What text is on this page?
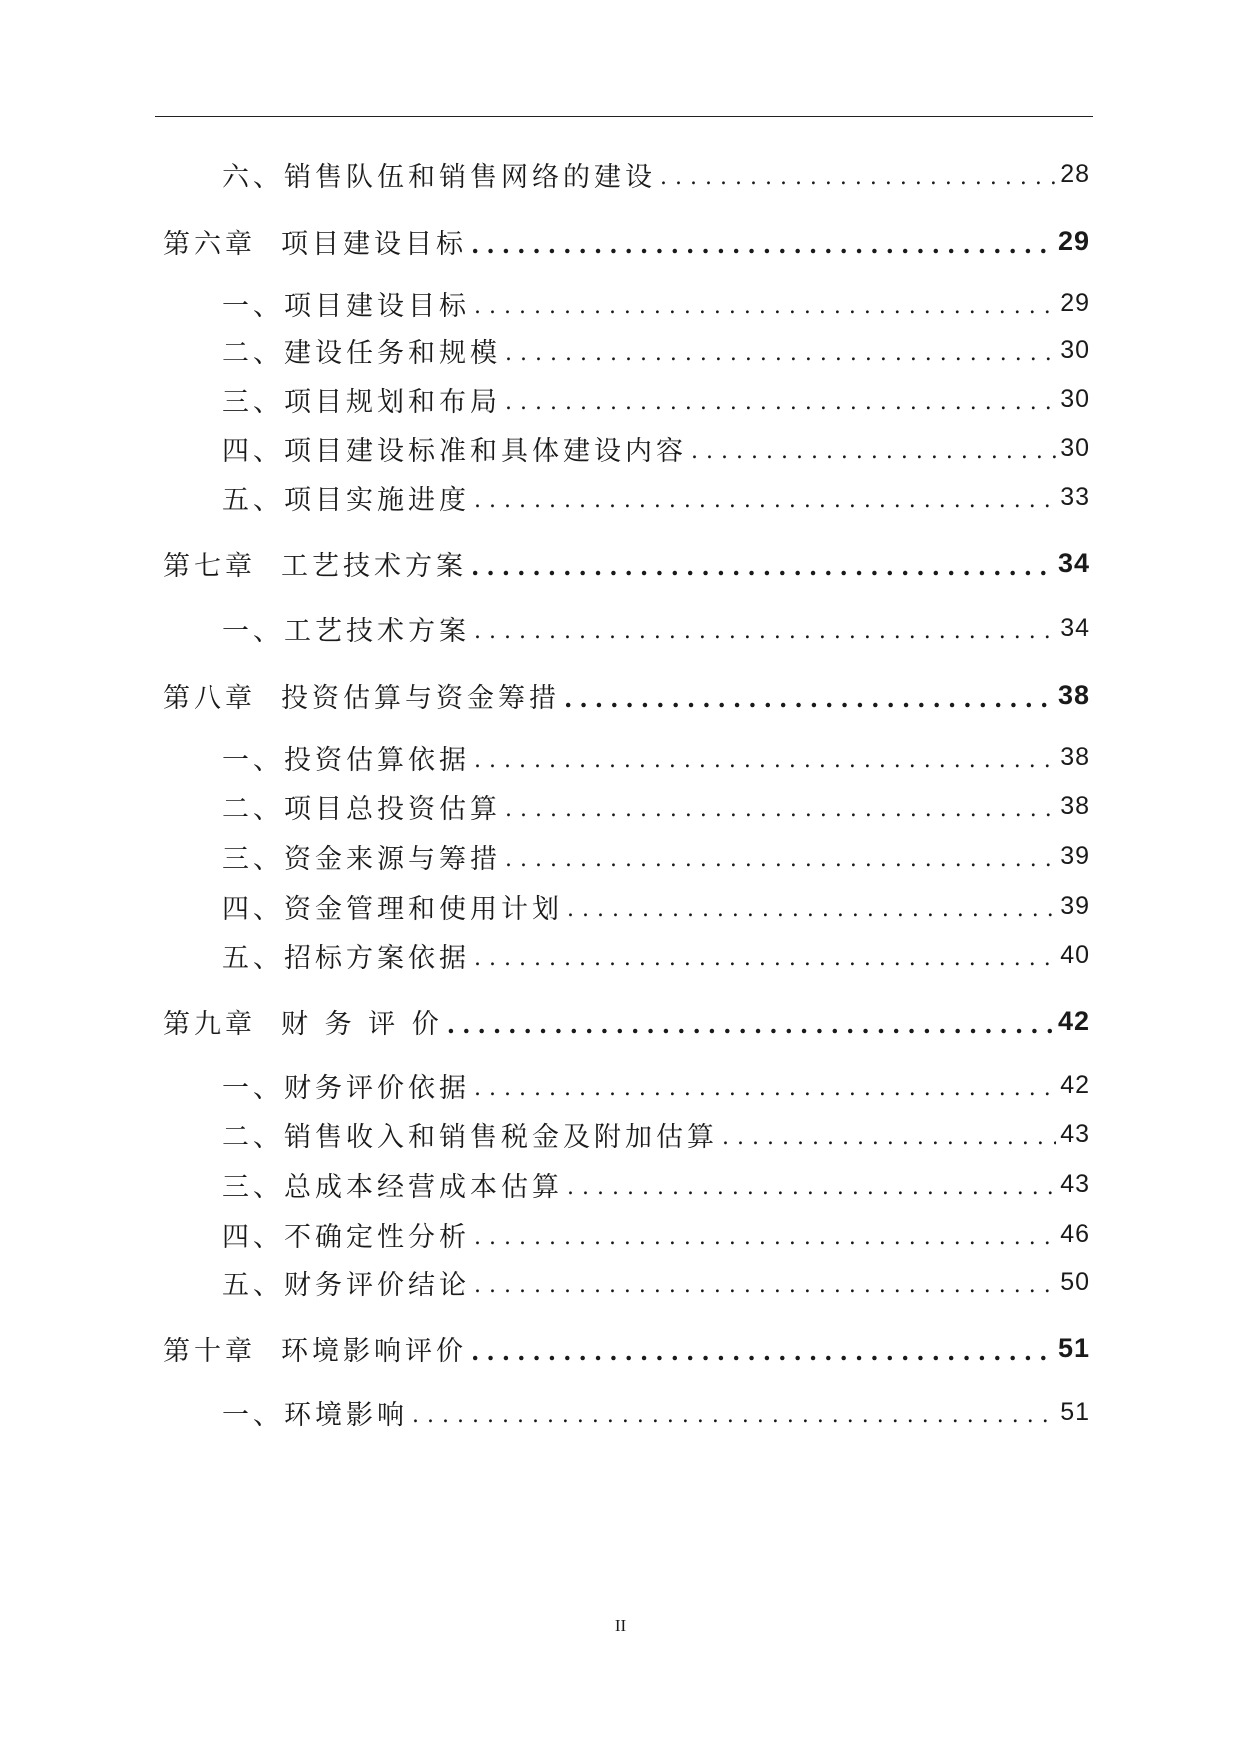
六、 销售队伍和销售网络的建设 .....	28
第六章 项目建设目标 .....	29
一、 项目建设目标 .....	29
二、 建设任务和规模 .....	30
三、 项目规划和布局 .....	30
四、 项目建设标准和具体建设内容 .....	30
五、 项目实施进度 .....	33
第七章 工艺技术方案 .....	34
一、 工艺技术方案 .....	34
第八章 投资估算与资金筹措 .....	38
一、 投资估算依据 .....	38
二、 项目总投资估算 .....	38
三、 资金来源与筹措 .....	39
四、 资金管理和使用计划 .....	39
五、 招标方案依据 .....	40
第九章 财 务 评 价 .....	42
一、 财务评价依据 .....	42
二、 销售收入和销售税金及附加估算 .....	43
三、 总成本经营成本估算 .....	43
四、 不确定性分析 .....	46
五、 财务评价结论 .....	50
第十章 环境影响评价 .....	51
一、 环境影响 .....	51
II
